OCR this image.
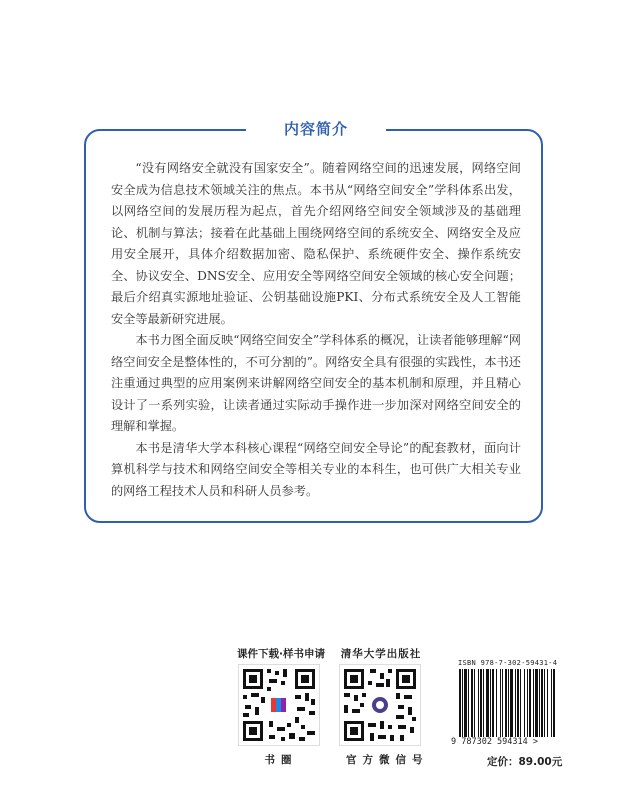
内容简介

“没有网络安全就没有国家安全”。随着网络空间的迅速发展，网络空间安全成为信息技术领域关注的焦点。本书从“网络空间安全”学科体系出发，以网络空间的发展历程为起点，首先介绍网络空间安全领域涉及的基础理论、机制与算法；接着在此基础上围绕网络空间的系统安全、网络安全及应用安全展开，具体介绍数据加密、隐私保护、系统硬件安全、操作系统安全、协议安全、DNS安全、应用安全等网络空间安全领域的核心安全问题；最后介绍真实源地址验证、公钥基础设施PKI、分布式系统安全及人工智能安全等最新研究进展。

本书力图全面反映“网络空间安全”学科体系的概况，让读者能够理解“网络空间安全是整体性的，不可分割的”。网络安全具有很强的实践性，本书还注重通过典型的应用案例来讲解网络空间安全的基本机制和原理，并且精心设计了一系列实验，让读者通过实际动手操作进一步加深对网络空间安全的理解和掌握。

本书是清华大学本科核心课程“网络空间安全导论”的配套教材，面向计算机科学与技术和网络空间安全等相关专业的本科生，也可供广大相关专业的网络工程技术人员和科研人员参考。

课件下载·样书申请
书圈
清华大学出版社
官方微信号
ISBN 978-7-302-59431-4
9 787302 594314 >
定价：89.00元
